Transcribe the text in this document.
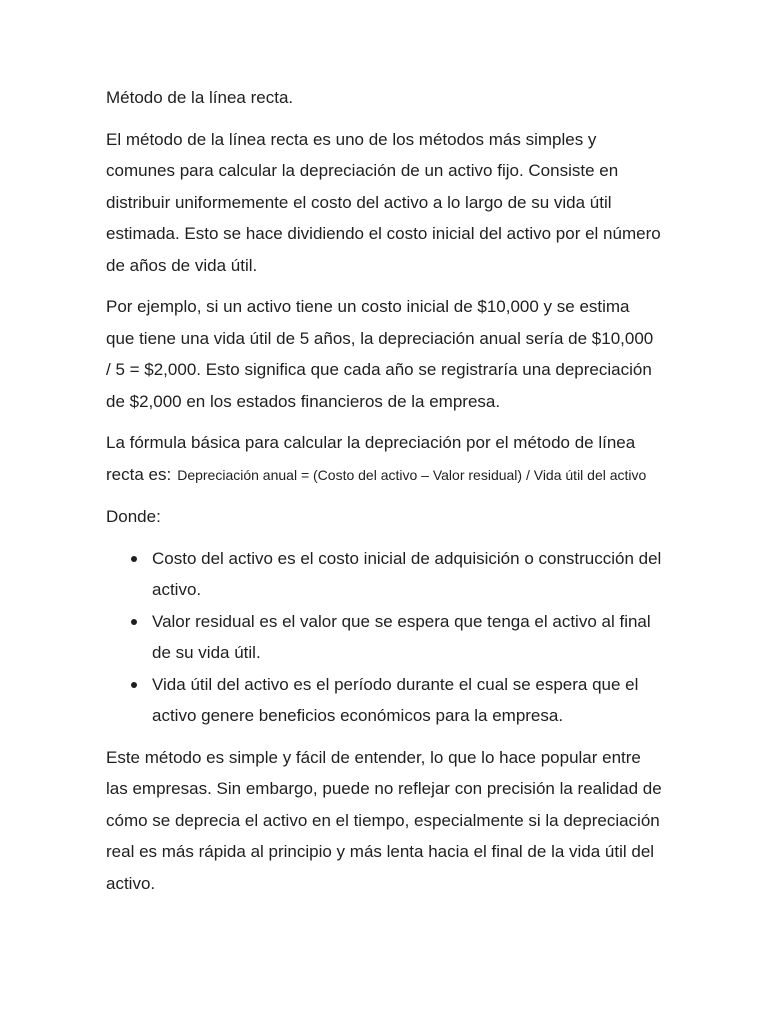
Método de la línea recta.

El método de la línea recta es uno de los métodos más simples y comunes para calcular la depreciación de un activo fijo. Consiste en distribuir uniformemente el costo del activo a lo largo de su vida útil estimada. Esto se hace dividiendo el costo inicial del activo por el número de años de vida útil.

Por ejemplo, si un activo tiene un costo inicial de $10,000 y se estima que tiene una vida útil de 5 años, la depreciación anual sería de $10,000 / 5 = $2,000. Esto significa que cada año se registraría una depreciación de $2,000 en los estados financieros de la empresa.

La fórmula básica para calcular la depreciación por el método de línea recta es: Depreciación anual = (Costo del activo – Valor residual) / Vida útil del activo

Donde:

Costo del activo es el costo inicial de adquisición o construcción del activo.
Valor residual es el valor que se espera que tenga el activo al final de su vida útil.
Vida útil del activo es el período durante el cual se espera que el activo genere beneficios económicos para la empresa.

Este método es simple y fácil de entender, lo que lo hace popular entre las empresas. Sin embargo, puede no reflejar con precisión la realidad de cómo se deprecia el activo en el tiempo, especialmente si la depreciación real es más rápida al principio y más lenta hacia el final de la vida útil del activo.
